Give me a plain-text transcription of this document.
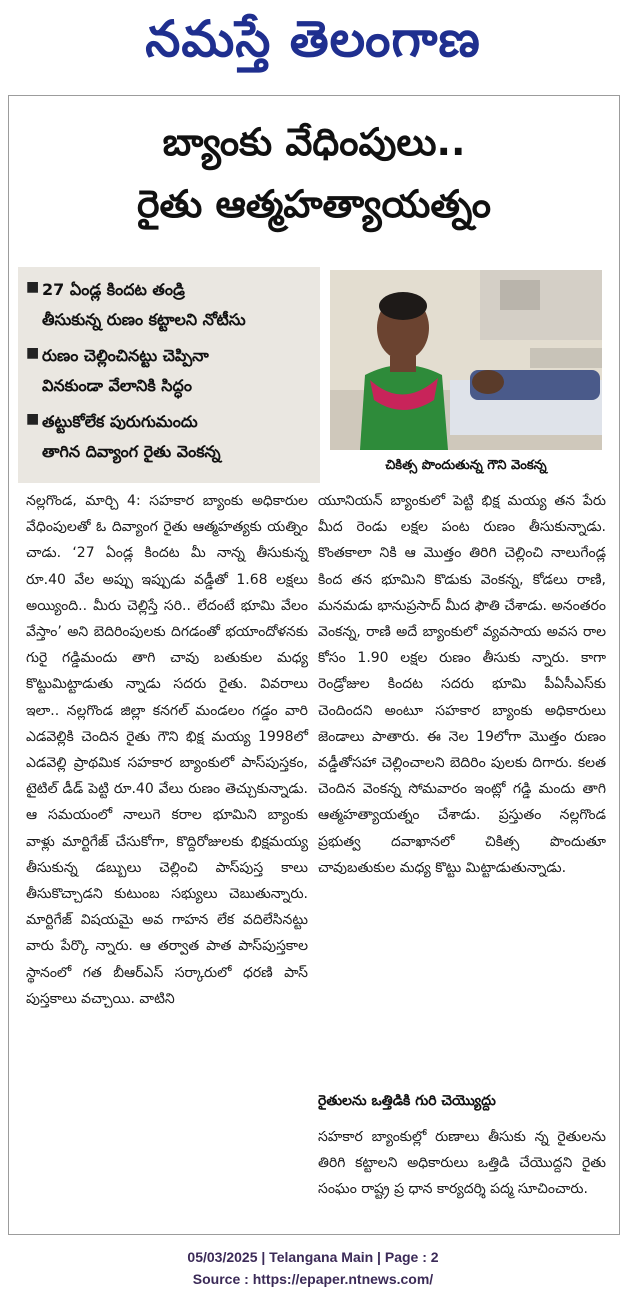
నమస్తే తెలంగాణ
బ్యాంకు వేధింపులు..
రైతు ఆత్మహత్యాయత్నం
■ 27 ఏండ్ల కిందట తండ్రి
తీసుకున్న రుణం కట్టాలని నోటీసు
■ రుణం చెల్లించినట్టు చెప్పినా
వినకుండా వేలానికి సిద్ధం
■ తట్టుకోలేక పురుగుమందు
తాగిన దివ్యాంగ రైతు వెంకన్న
చికిత్స పొందుతున్న గౌని వెంకన్న

నల్లగొండ, మార్చి 4: సహకార బ్యాంకు అధికారుల వేధింపులతో ఓ దివ్యాంగ రైతు ఆత్మహత్యకు యత్నిం చాడు. ‘27 ఏండ్ల కిందట మీ నాన్న తీసుకున్న రూ.40 వేల అప్పు ఇప్పుడు వడ్డీతో 1.68 లక్షలు అయ్యింది.. మీరు చెల్లిస్తే సరి.. లేదంటే భూమి వేలం వేస్తాం’ అని బెదిరింపులకు దిగడంతో భయాందోళనకు గురై గడ్డిమందు తాగి చావు బతుకుల మధ్య కొట్టుమిట్టాడుతు న్నాడు సదరు రైతు. వివరాలు ఇలా.. నల్లగొండ జిల్లా కనగల్ మండలం గడ్డం వారి ఎడవెల్లికి చెందిన రైతు గౌని భిక్ష మయ్య 1998లో ఎడవెల్లి ప్రాథమిక సహకార బ్యాంకులో పాస్‌పుస్తకం, టైటిల్ డీడ్ పెట్టి రూ.40 వేలు రుణం తెచ్చుకున్నాడు. ఆ సమయంలో నాలుగె కరాల భూమిని బ్యాంకు వాళ్లు మార్టిగేజ్ చేసుకోగా, కొద్దిరోజులకు భిక్షమయ్య తీసుకున్న డబ్బులు చెల్లించి పాస్‌పుస్త కాలు తీసుకొచ్చాడని కుటుంబ సభ్యులు చెబుతున్నారు. మార్టిగేజ్ విషయమై అవ గాహన లేక వదిలేసినట్టు వారు పేర్కొ న్నారు. ఆ తర్వాత పాత పాస్‌పుస్తకాల స్థానంలో గత బీఆర్‌ఎస్ సర్కారులో ధరణి పాస్ పుస్తకాలు వచ్చాయి. వాటిని

యూనియన్ బ్యాంకులో పెట్టి భిక్ష మయ్య తన పేరు మీద రెండు లక్షల పంట రుణం తీసుకున్నాడు. కొంతకాలా నికి ఆ మొత్తం తిరిగి చెల్లించి నాలుగేండ్ల కింద తన భూమిని కొడుకు వెంకన్న, కోడలు రాణి, మనమడు భానుప్రసాద్ మీద ఫౌతి చేశాడు. అనంతరం వెంకన్న, రాణి అదే బ్యాంకులో వ్యవసాయ అవస రాల కోసం 1.90 లక్షల రుణం తీసుకు న్నారు. కాగా రెండ్రోజుల కిందట సదరు భూమి పీఏసీఎస్‌కు చెందిందని అంటూ సహకార బ్యాంకు అధికారులు జెండాలు పాతారు. ఈ నెల 19లోగా మొత్తం రుణం వడ్డీతోసహా చెల్లించాలని బెదిరిం పులకు దిగారు. కలత చెందిన వెంకన్న సోమవారం ఇంట్లో గడ్డి మందు తాగి ఆత్మహత్యాయత్నం చేశాడు. ప్రస్తుతం నల్లగొండ ప్రభుత్వ దవాఖానలో చికిత్స పొందుతూ చావుబతుకుల మధ్య కొట్టు మిట్టాడుతున్నాడు.

రైతులను ఒత్తిడికి గురి చెయ్యొద్దు

సహకార బ్యాంకుల్లో రుణాలు తీసుకు న్న రైతులను తిరిగి కట్టాలని అధికారులు ఒత్తిడి చేయొద్దని రైతు సంఘం రాష్ట్ర ప్ర ధాన కార్యదర్శి పద్మ సూచించారు.

05/03/2025 | Telangana Main | Page : 2
Source : https://epaper.ntnews.com/
